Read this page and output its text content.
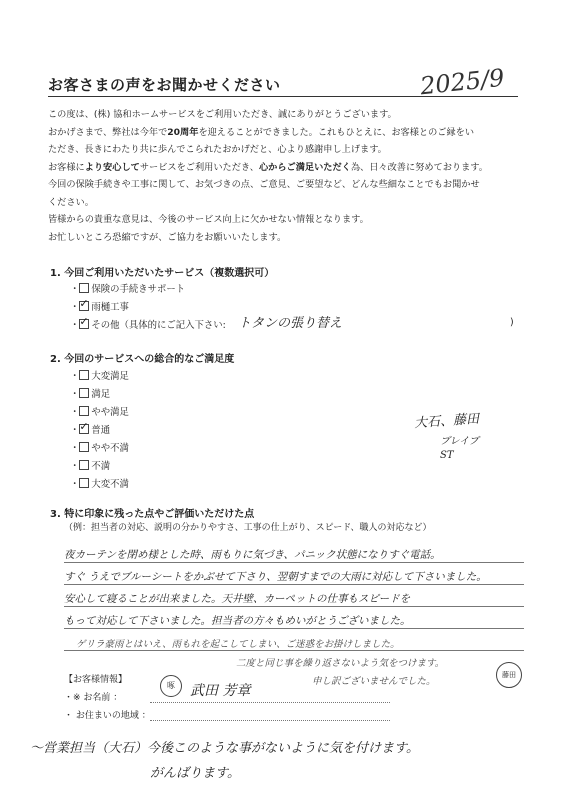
お客さまの声をお聞かせください	2025/9
この度は、(株) 協和ホームサービスをご利用いただき、誠にありがとうございます。
おかげさまで、弊社は今年で20周年を迎えることができました。これもひとえに、お客様とのご縁をい
ただき、長きにわたり共に歩んでこられたおかげだと、心より感謝申し上げます。
お客様により安心してサービスをご利用いただき、心からご満足いただく為、日々改善に努めております。
今回の保険手続きや工事に関して、お気づきの点、ご意見、ご要望など、どんな些細なことでもお聞かせ
ください。
皆様からの貴重な意見は、今後のサービス向上に欠かせない情報となります。
お忙しいところ恐縮ですが、ご協力をお願いいたします。
1. 今回ご利用いただいたサービス（複数選択可）
・ 保険の手続きサポート
・ ✓ 雨樋工事
・ ✓ その他（具体的にご記入下さい: トタンの張り替え	)
2. 今回のサービスへの総合的なご満足度
・ 大変満足
・ 満足
・ やや満足
・ ✓ 普通
・ やや不満
・ 不満
・ 大変不満
大石、藤田
ブレイブ
ST
3. 特に印象に残った点やご評価いただけた点
（例：担当者の対応、説明の分かりやすさ、工事の仕上がり、スピード、職人の対応など）
夜カーテンを閉め様とした時、雨もりに気づき、パニック状態になりすぐ電話。
すぐ うえでブルーシートをかぶせて下さり、翌朝すまでの大雨に対応して下さいました。
安心して寝ることが出来ました。天井壁、カーペットの仕事もスピードを
もって対応して下さいました。担当者の方々もめいがとうございました。
ゲリラ豪雨とはいえ、雨もれを起こしてしまい、ご迷惑をお掛けしました。
二度と同じ事を繰り返さないよう気をつけます。
申し訳ございませんでした。
啄
藤田
【お客様情報】
・※ お名前 ：	武田 芳章
・ お住まいの地域 ：
～営業担当（大石）今後このような事がないように気を付けます。
がんばります。
